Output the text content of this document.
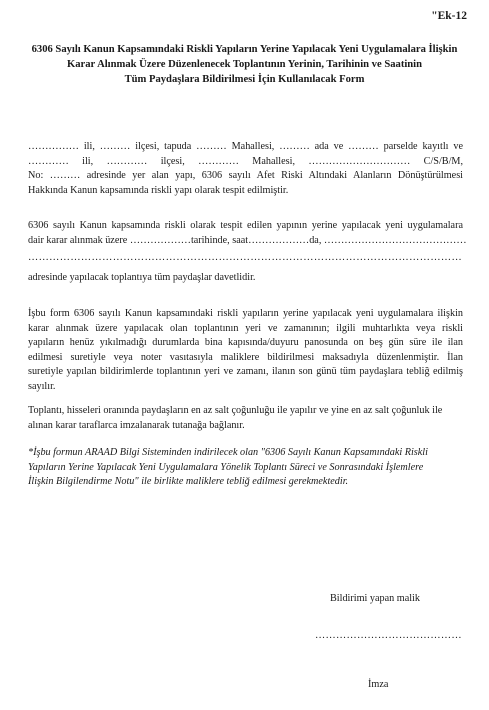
"Ek-12
6306 Sayılı Kanun Kapsamındaki Riskli Yapıların Yerine Yapılacak Yeni Uygulamalara İlişkin
Karar Alınmak Üzere Düzenlenecek Toplantının Yerinin, Tarihinin ve Saatinin
Tüm Paydaşlara Bildirilmesi İçin Kullanılacak Form
…………… ili, ……… ilçesi, tapuda ……… Mahallesi, ……… ada ve ……… parselde kayıtlı ve
………… ili, ………… ilçesi, ………… Mahallesi, ………………………… C/S/B/M,
No: ……… adresinde yer alan yapı, 6306 sayılı Afet Riski Altındaki Alanların Dönüştürülmesi
Hakkında Kanun kapsamında riskli yapı olarak tespit edilmiştir.
6306 sayılı Kanun kapsamında riskli olarak tespit edilen yapının yerine yapılacak yeni uygulamalara
dair karar alınmak üzere ………………tarihinde, saat………………da, ……………………………………
……………………………………………………………………………………………………………
adresinde yapılacak toplantıya tüm paydaşlar davetlidir.
İşbu form 6306 sayılı Kanun kapsamındaki riskli yapıların yerine yapılacak yeni uygulamalara ilişkin
karar alınmak üzere yapılacak olan toplantının yeri ve zamanının; ilgili muhtarlıkta veya riskli
yapıların henüz yıkılmadığı durumlarda bina kapısında/duyuru panosunda on beş gün süre ile ilan
edilmesi suretiyle veya noter vasıtasıyla maliklere bildirilmesi maksadıyla düzenlenmiştir. İlan
suretiyle yapılan bildirimlerde toplantının yeri ve zamanı, ilanın son günü tüm paydaşlara tebliğ edilmiş
sayılır.
Toplantı, hisseleri oranında paydaşların en az salt çoğunluğu ile yapılır ve yine en az salt çoğunluk ile
alınan karar taraflarca imzalanarak tutanağa bağlanır.
*İşbu formun ARAAD Bilgi Sisteminden indirilecek olan "6306 Sayılı Kanun Kapsamındaki Riskli
Yapıların Yerine Yapılacak Yeni Uygulamalara Yönelik Toplantı Süreci ve Sonrasındaki İşlemlere
İlişkin Bilgilendirme Notu" ile birlikte maliklere tebliğ edilmesi gerekmektedir.
Bildirimi yapan malik
……………………………………
İmza
